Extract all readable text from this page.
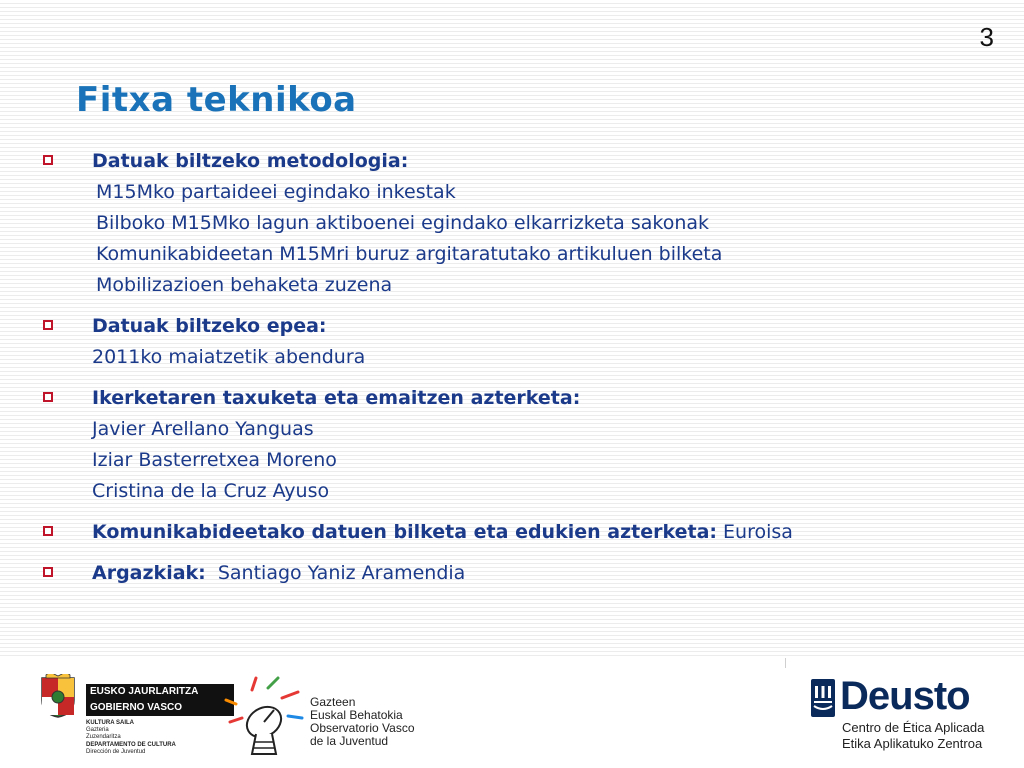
3
Fitxa teknikoa
Datuak biltzeko metodologia:
M15Mko partaideei egindako inkestak
Bilboko M15Mko lagun aktiboenei egindako elkarrizketa sakonak
Komunikabideetan M15Mri buruz argitaratutako artikuluen bilketa
Mobilizazioen behaketa zuzena
Datuak biltzeko epea:
2011ko maiatzetik abendura
Ikerketaren taxuketa eta emaitzen azterketa:
Javier Arellano Yanguas
Iziar Basterretxea Moreno
Cristina de la Cruz Ayuso
Komunikabideetako datuen bilketa eta edukien azterketa: Euroisa
Argazkiak:  Santiago Yaniz Aramendia
EUSKO JAURLARITZA
GOBIERNO VASCO
KULTURA SAILA
Gazteria
Zuzendaritza
DEPARTAMENTO DE CULTURA
Dirección de Juventud
Gazteen
Euskal Behatokia
Observatorio Vasco
de la Juventud
Deusto
Centro de Ética Aplicada
Etika Aplikatuko Zentroa
